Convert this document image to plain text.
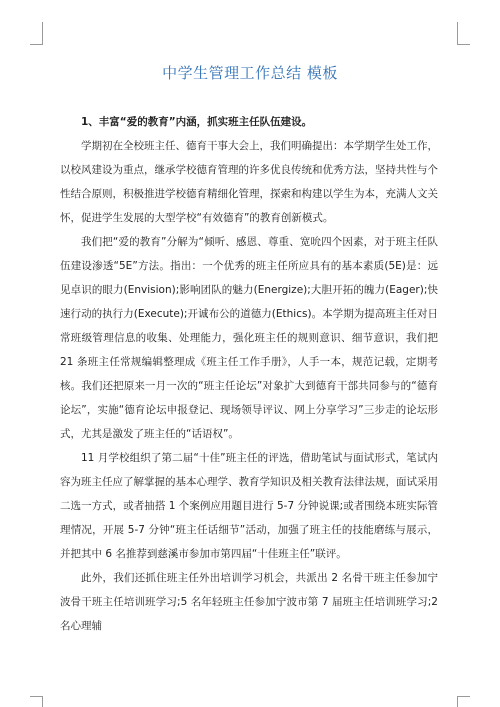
中学生管理工作总结 模板

1、丰富“爱的教育”内涵，抓实班主任队伍建设。

学期初在全校班主任、德育干事大会上，我们明确提出：本学期学生处工作，以校风建设为重点，继承学校德育管理的许多优良传统和优秀方法，坚持共性与个性结合原则，积极推进学校德育精细化管理，探索和构建以学生为本，充满人文关怀，促进学生发展的大型学校“有效德育”的教育创新模式。

我们把“爱的教育”分解为“倾听、感恩、尊重、宽吮四个因素，对于班主任队伍建设渗透“5E”方法。指出：一个优秀的班主任所应具有的基本素质(5E)是：远见卓识的眼力(Envision);影响团队的魅力(Energize);大胆开拓的魄力(Eager);快速行动的执行力(Execute);开诚布公的道德力(Ethics)。本学期为提高班主任对日常班级管理信息的收集、处理能力，强化班主任的规则意识、细节意识，我们把 21 条班主任常规编辑整理成《班主任工作手册》，人手一本，规范记载，定期考核。我们还把原来一月一次的“班主任论坛”对象扩大到德育干部共同参与的“德育论坛”，实施“德育论坛申报登记、现场领导评议、网上分享学习”三步走的论坛形式，尤其是激发了班主任的“话语权”。

11 月学校组织了第二届“十佳”班主任的评选，借助笔试与面试形式，笔试内容为班主任应了解掌握的基本心理学、教育学知识及相关教育法律法规，面试采用二选一方式，或者抽搭 1 个案例应用题目进行 5-7 分钟说课;或者围绕本班实际管理情况，开展 5-7 分钟“班主任话细节”活动，加强了班主任的技能磨练与展示，并把其中 6 名推荐到慈溪市参加市第四届“十佳班主任”联评。

此外，我们还抓住班主任外出培训学习机会，共派出 2 名骨干班主任参加宁波骨干班主任培训班学习;5 名年轻班主任参加宁波市第 7 届班主任培训班学习;2 名心理辅
